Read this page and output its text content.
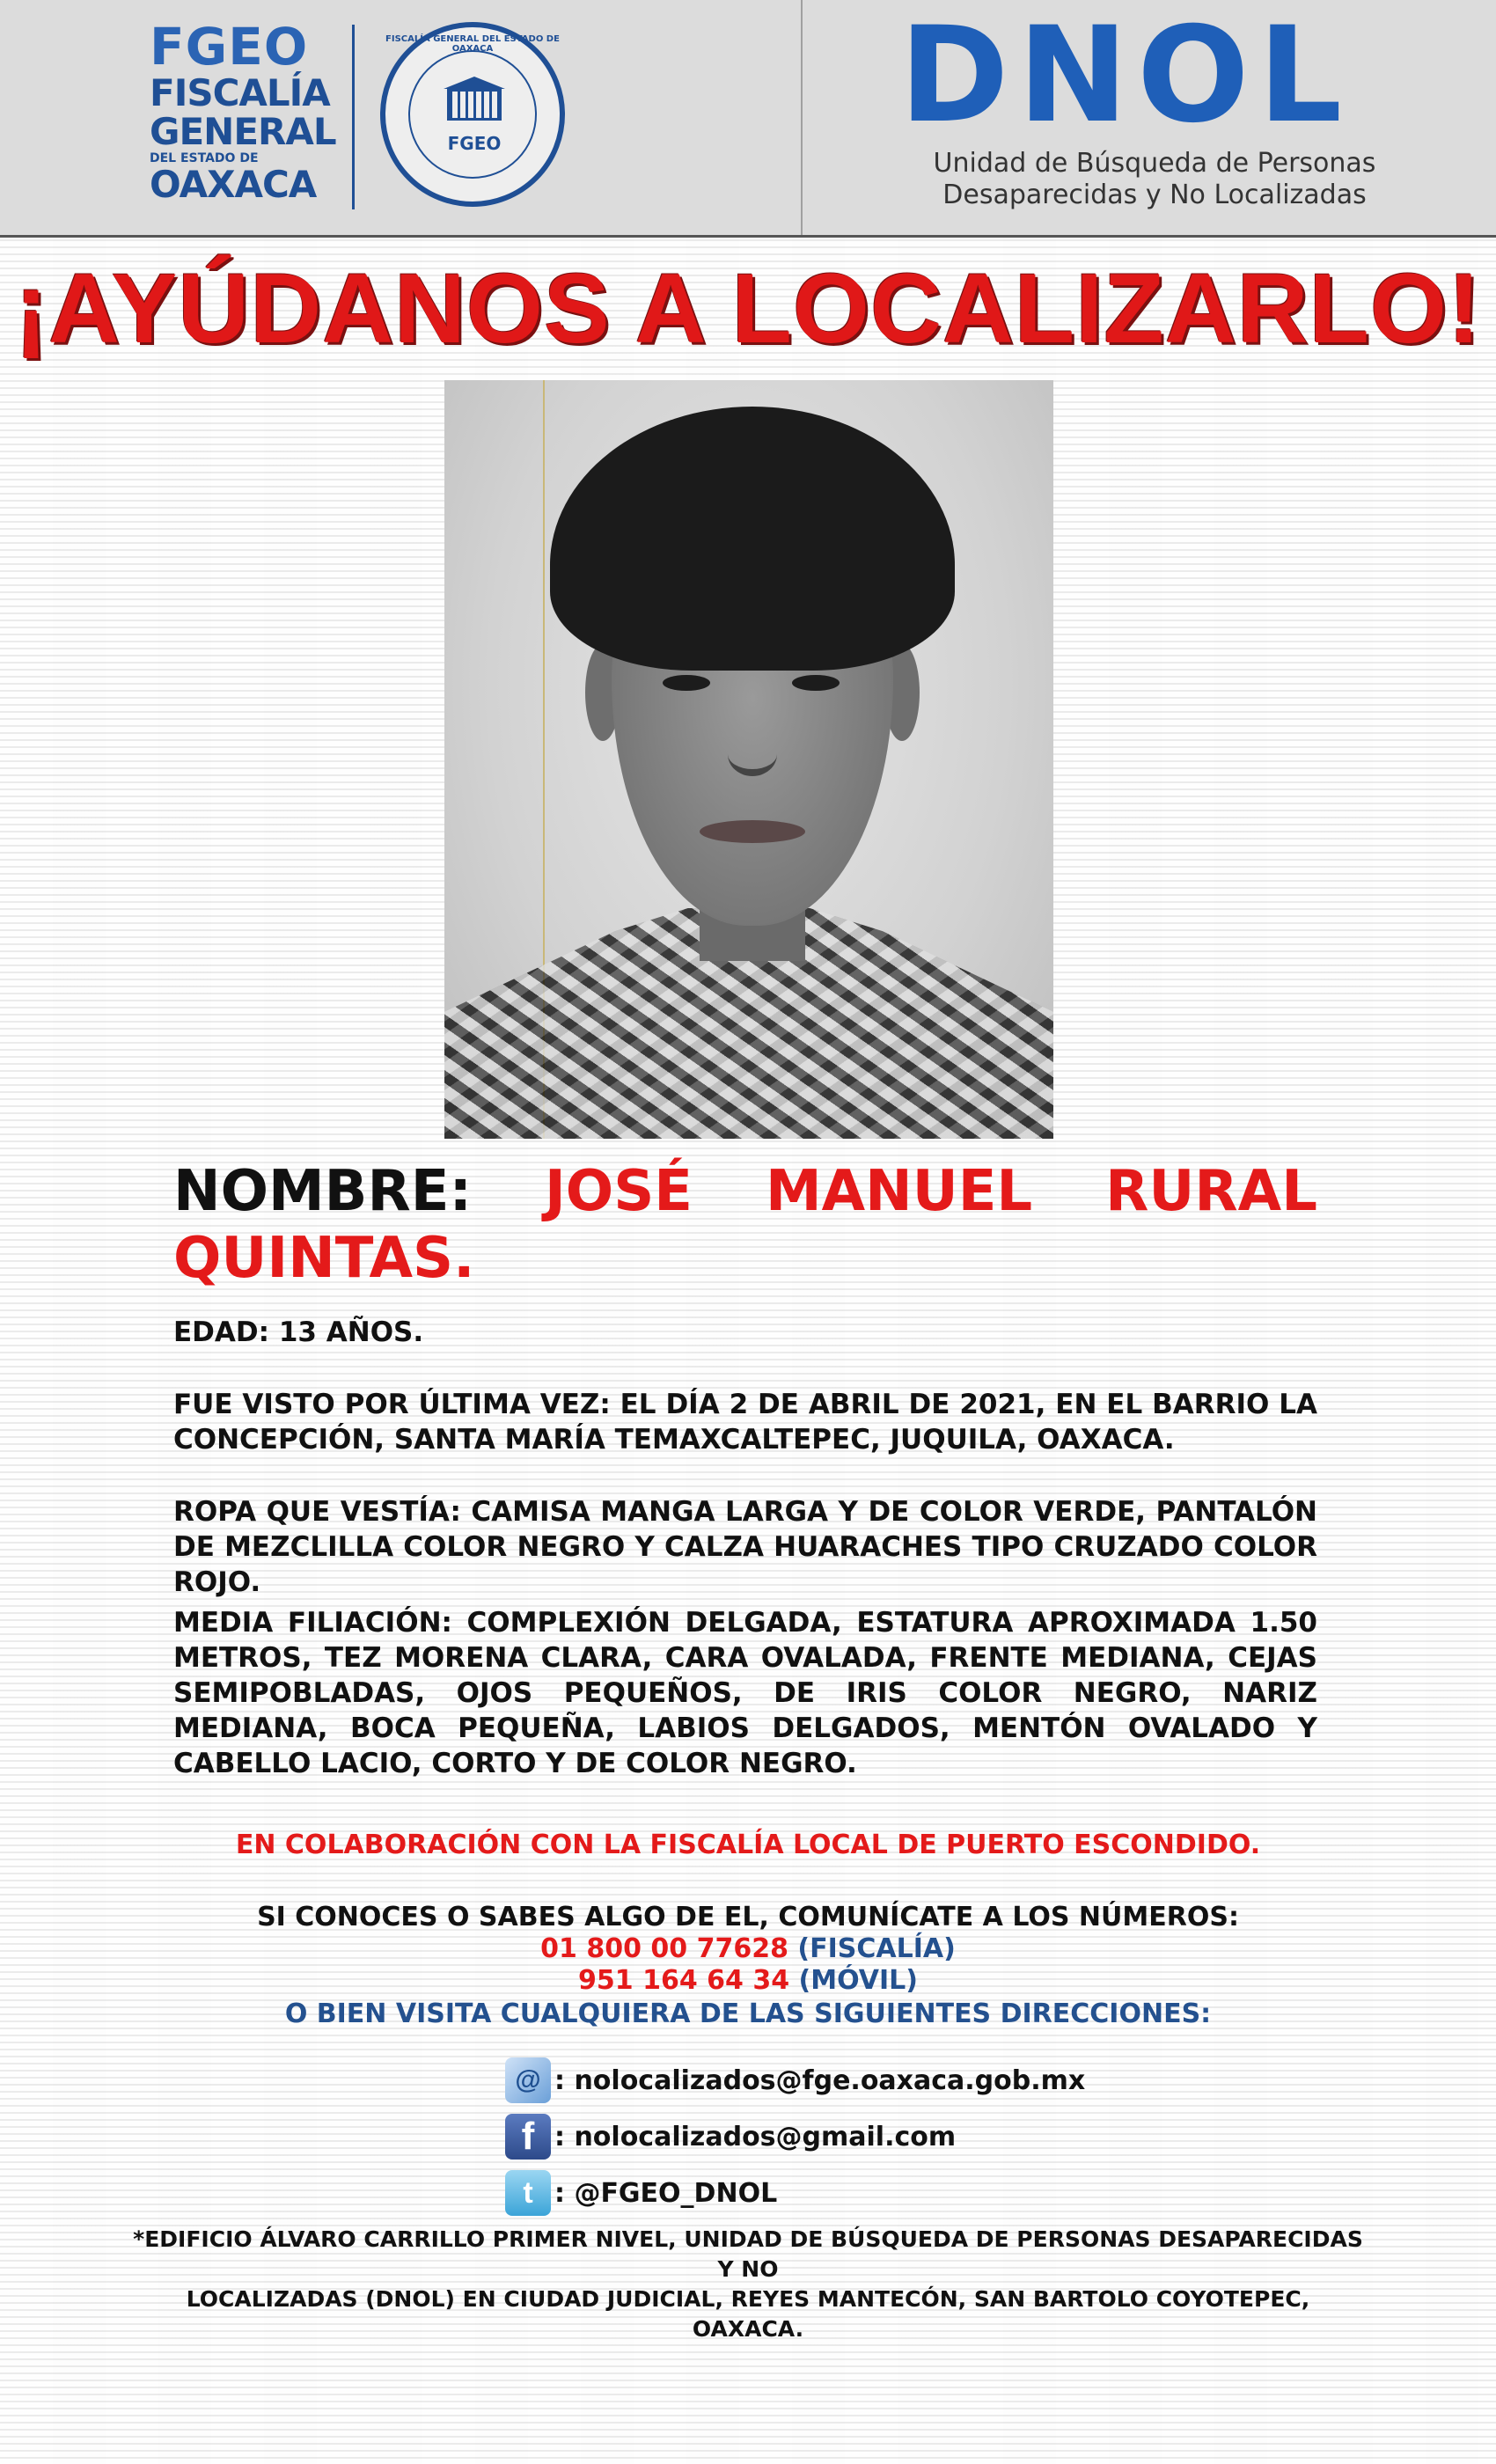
FGEO
FISCALÍA
GENERAL
DEL ESTADO DE
OAXACA
FISCALÍA GENERAL DEL ESTADO DE OAXACA
FGEO	DNOL
Unidad de Búsqueda de Personas
Desaparecidas y No Localizadas
¡AYÚDANOS A LOCALIZARLO!
NOMBRE: JOSÉ MANUEL RURAL
QUINTAS.
EDAD: 13 AÑOS.
FUE VISTO POR ÚLTIMA VEZ: EL DÍA 2 DE ABRIL DE 2021, EN EL BARRIO LA CONCEPCIÓN, SANTA MARÍA TEMAXCALTEPEC, JUQUILA, OAXACA.
ROPA QUE VESTÍA: CAMISA MANGA LARGA Y DE COLOR VERDE, PANTALÓN DE MEZCLILLA COLOR NEGRO Y CALZA HUARACHES TIPO CRUZADO COLOR ROJO.
MEDIA FILIACIÓN: COMPLEXIÓN DELGADA, ESTATURA APROXIMADA 1.50 METROS, TEZ MORENA CLARA, CARA OVALADA, FRENTE MEDIANA, CEJAS SEMIPOBLADAS, OJOS PEQUEÑOS, DE IRIS COLOR NEGRO, NARIZ MEDIANA, BOCA PEQUEÑA, LABIOS DELGADOS, MENTÓN OVALADO Y CABELLO LACIO, CORTO Y DE COLOR NEGRO.
EN COLABORACIÓN CON LA FISCALÍA LOCAL DE PUERTO ESCONDIDO.
SI CONOCES O SABES ALGO DE EL, COMUNÍCATE A LOS NÚMEROS:
01 800 00 77628 (FISCALÍA)
951 164 64 34 (MÓVIL)
O BIEN VISITA CUALQUIERA DE LAS SIGUIENTES DIRECCIONES:
@ : nolocalizados@fge.oaxaca.gob.mx
f : nolocalizados@gmail.com
t : @FGEO_DNOL
*EDIFICIO ÁLVARO CARRILLO PRIMER NIVEL, UNIDAD DE BÚSQUEDA DE PERSONAS DESAPARECIDAS Y NO
LOCALIZADAS (DNOL) EN CIUDAD JUDICIAL, REYES MANTECÓN, SAN BARTOLO COYOTEPEC, OAXACA.
